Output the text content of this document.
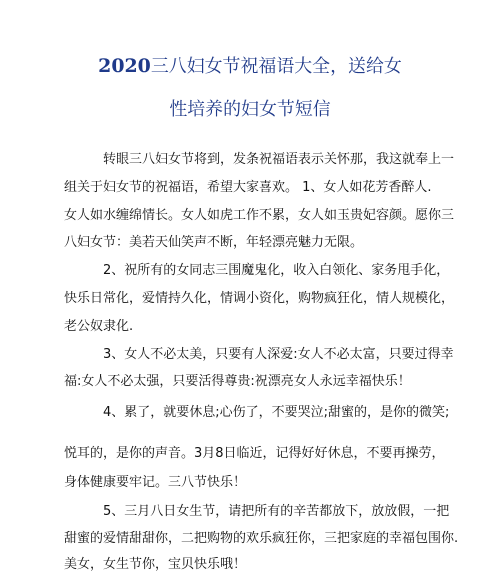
2020三八妇女节祝福语大全，送给女
性培养的妇女节短信
转眼三八妇女节将到，发条祝福语表示关怀那，我这就奉上一
组关于妇女节的祝福语，希望大家喜欢。 1、女人如花芳香醉人.
女人如水缠绵情长。女人如虎工作不累，女人如玉贵妃容颜。愿你三
八妇女节：美若天仙笑声不断，年轻漂亮魅力无限。
2、祝所有的女同志三围魔鬼化，收入白领化、家务甩手化，
快乐日常化，爱情持久化，情调小资化，购物疯狂化，情人规模化，
老公奴隶化.
3、女人不必太美，只要有人深爱:女人不必太富，只要过得幸
福:女人不必太强，只要活得尊贵:祝漂亮女人永远幸福快乐！
4、累了，就要休息;心伤了，不要哭泣;甜蜜的，是你的微笑;
悦耳的，是你的声音。3月8日临近，记得好好休息，不要再操劳，
身体健康要牢记。三八节快乐！
5、三月八日女生节，请把所有的辛苦都放下，放放假，一把
甜蜜的爱情甜甜你，二把购物的欢乐疯狂你，三把家庭的幸福包围你.
美女，女生节你，宝贝快乐哦！
